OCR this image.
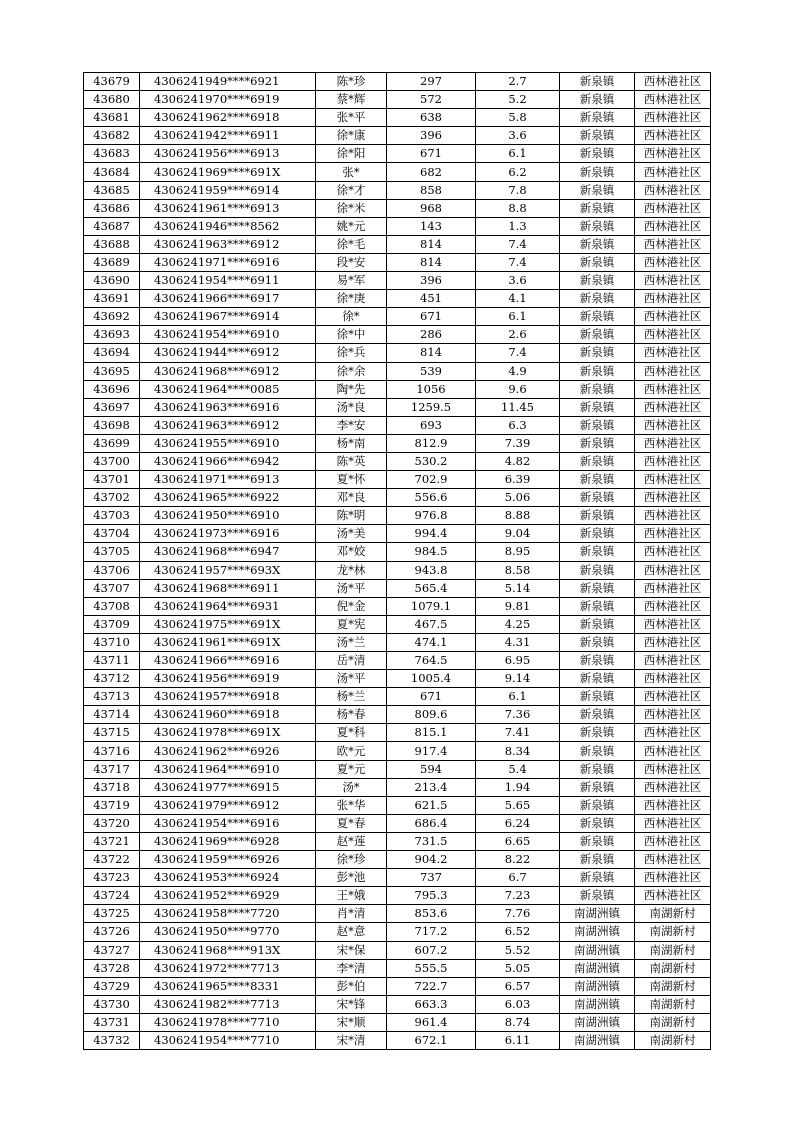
43679	4306241949****6921	陈*珍	297	2.7	新泉镇	西林港社区
43680	4306241970****6919	蔡*辉	572	5.2	新泉镇	西林港社区
43681	4306241962****6918	张*平	638	5.8	新泉镇	西林港社区
43682	4306241942****6911	徐*康	396	3.6	新泉镇	西林港社区
43683	4306241956****6913	徐*阳	671	6.1	新泉镇	西林港社区
43684	4306241969****691X	张*	682	6.2	新泉镇	西林港社区
43685	4306241959****6914	徐*才	858	7.8	新泉镇	西林港社区
43686	4306241961****6913	徐*米	968	8.8	新泉镇	西林港社区
43687	4306241946****8562	姚*元	143	1.3	新泉镇	西林港社区
43688	4306241963****6912	徐*毛	814	7.4	新泉镇	西林港社区
43689	4306241971****6916	段*安	814	7.4	新泉镇	西林港社区
43690	4306241954****6911	易*军	396	3.6	新泉镇	西林港社区
43691	4306241966****6917	徐*庚	451	4.1	新泉镇	西林港社区
43692	4306241967****6914	徐*	671	6.1	新泉镇	西林港社区
43693	4306241954****6910	徐*中	286	2.6	新泉镇	西林港社区
43694	4306241944****6912	徐*兵	814	7.4	新泉镇	西林港社区
43695	4306241968****6912	徐*余	539	4.9	新泉镇	西林港社区
43696	4306241964****0085	陶*先	1056	9.6	新泉镇	西林港社区
43697	4306241963****6916	汤*良	1259.5	11.45	新泉镇	西林港社区
43698	4306241963****6912	李*安	693	6.3	新泉镇	西林港社区
43699	4306241955****6910	杨*南	812.9	7.39	新泉镇	西林港社区
43700	4306241966****6942	陈*英	530.2	4.82	新泉镇	西林港社区
43701	4306241971****6913	夏*怀	702.9	6.39	新泉镇	西林港社区
43702	4306241965****6922	邓*良	556.6	5.06	新泉镇	西林港社区
43703	4306241950****6910	陈*明	976.8	8.88	新泉镇	西林港社区
43704	4306241973****6916	汤*美	994.4	9.04	新泉镇	西林港社区
43705	4306241968****6947	邓*姣	984.5	8.95	新泉镇	西林港社区
43706	4306241957****693X	龙*林	943.8	8.58	新泉镇	西林港社区
43707	4306241968****6911	汤*平	565.4	5.14	新泉镇	西林港社区
43708	4306241964****6931	倪*金	1079.1	9.81	新泉镇	西林港社区
43709	4306241975****691X	夏*宪	467.5	4.25	新泉镇	西林港社区
43710	4306241961****691X	汤*兰	474.1	4.31	新泉镇	西林港社区
43711	4306241966****6916	岳*清	764.5	6.95	新泉镇	西林港社区
43712	4306241956****6919	汤*平	1005.4	9.14	新泉镇	西林港社区
43713	4306241957****6918	杨*兰	671	6.1	新泉镇	西林港社区
43714	4306241960****6918	杨*春	809.6	7.36	新泉镇	西林港社区
43715	4306241978****691X	夏*科	815.1	7.41	新泉镇	西林港社区
43716	4306241962****6926	欧*元	917.4	8.34	新泉镇	西林港社区
43717	4306241964****6910	夏*元	594	5.4	新泉镇	西林港社区
43718	4306241977****6915	汤*	213.4	1.94	新泉镇	西林港社区
43719	4306241979****6912	张*华	621.5	5.65	新泉镇	西林港社区
43720	4306241954****6916	夏*春	686.4	6.24	新泉镇	西林港社区
43721	4306241969****6928	赵*莲	731.5	6.65	新泉镇	西林港社区
43722	4306241959****6926	徐*珍	904.2	8.22	新泉镇	西林港社区
43723	4306241953****6924	彭*池	737	6.7	新泉镇	西林港社区
43724	4306241952****6929	王*娥	795.3	7.23	新泉镇	西林港社区
43725	4306241958****7720	肖*清	853.6	7.76	南湖洲镇	南湖新村
43726	4306241950****9770	赵*意	717.2	6.52	南湖洲镇	南湖新村
43727	4306241968****913X	宋*保	607.2	5.52	南湖洲镇	南湖新村
43728	4306241972****7713	李*清	555.5	5.05	南湖洲镇	南湖新村
43729	4306241965****8331	彭*伯	722.7	6.57	南湖洲镇	南湖新村
43730	4306241982****7713	宋*锋	663.3	6.03	南湖洲镇	南湖新村
43731	4306241978****7710	宋*顺	961.4	8.74	南湖洲镇	南湖新村
43732	4306241954****7710	宋*清	672.1	6.11	南湖洲镇	南湖新村
